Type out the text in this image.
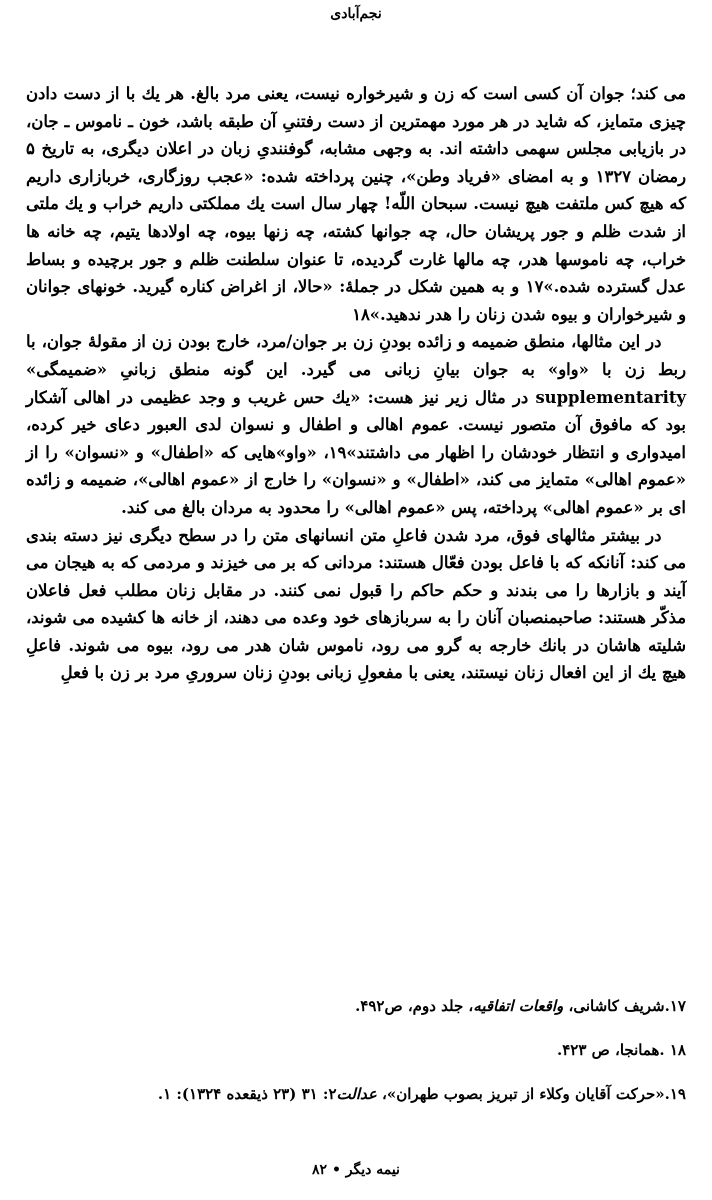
نجم‌آبادی

می کند؛ جوان آن کسی است که زن و شیرخواره نیست، یعنی مرد بالغ. هر یك با از دست دادن چیزی متمایز، که شاید در هر مورد مهمترین از دست رفتنیِ آن طبقه باشد، خون ـ ناموس ـ جان، در بازیابی مجلس سهمی داشته اند. به وجهی مشابه، گوفنندیِ زبان در اعلان دیگری، به تاریخ ۵ رمضان ۱۳۲۷ و به امضای «فریاد وطن»، چنین پرداخته شده: «عجب روزگاری، خربازاری داریم که هیچ کس ملتفت هیچ نیست. سبحان اللّه! چهار سال است یك مملکتی داریم خراب و یك ملتی از شدت ظلم و جور پریشان حال، چه جوانها کشته، چه زنها بیوه، چه اولادها یتیم، چه خانه ها خراب، چه ناموسها هدر، چه مالها غارت گردیده، تا عنوان سلطنت ظلم و جور برچیده و بساط عدل گسترده شده.»۱۷ و به همین شکل در جملهٔ: «حالا، از اغراض کناره گیرید. خونهای جوانان و شیرخواران و بیوه شدن زنان را هدر ندهید.»۱۸

در این مثالها، منطق ضمیمه و زائده بودنِ زن بر جوان/مرد، خارج بودن زن از مقولهٔ جوان، با ربط زن با «واو» به جوان بیانِ زبانی می گیرد. این گونه منطق زبانیِ «ضمیمگی» supplementarity در مثال زیر نیز هست: «یك حس غریب و وجد عظیمی در اهالی آشکار بود که مافوق آن متصور نیست. عموم اهالی و اطفال و نسوان لدی العبور دعای خیر کرده، امیدواری و انتظار خودشان را اظهار می داشتند»۱۹، «واو»هایی که «اطفال» و «نسوان» را از «عموم اهالی» متمایز می کند، «اطفال» و «نسوان» را خارج از «عموم اهالی»، ضمیمه و زائده ای بر «عموم اهالی» پرداخته، پس «عموم اهالی» را محدود به مردان بالغ می کند.

در بیشتر مثالهای فوق، مرد شدن فاعلِ متن انسانهای متن را در سطح دیگری نیز دسته بندی می کند: آنانکه که با فاعل بودن فعّال هستند: مردانی که بر می خیزند و مردمی که به هیجان می آیند و بازارها را می بندند و حکم حاکم را قبول نمی کنند. در مقابل زنان مطلب فعل فاعلان مذکّر هستند: صاحبمنصبان آنان را به سربازهای خود وعده می دهند، از خانه ها کشیده می شوند، شلیته هاشان در بانك خارجه به گرو می رود، ناموس شان هدر می رود، بیوه می شوند. فاعلِ هیچ یك از این افعال زنان نیستند، یعنی با مفعولِ زبانی بودنِ زنان سروریِ مرد بر زن با فعلِ

۱۷.شریف کاشانی، واقعات اتفاقیه، جلد دوم، ص۴۹۲.

۱۸ .همانجا، ص ۴۲۳.

۱۹.«حرکت آقایان وکلاء از تبریز بصوب طهران»، عدالت۲: ۳۱ (۲۳ ذیقعده ۱۳۲۴): ۱.

نیمه دیگر • ۸۲
